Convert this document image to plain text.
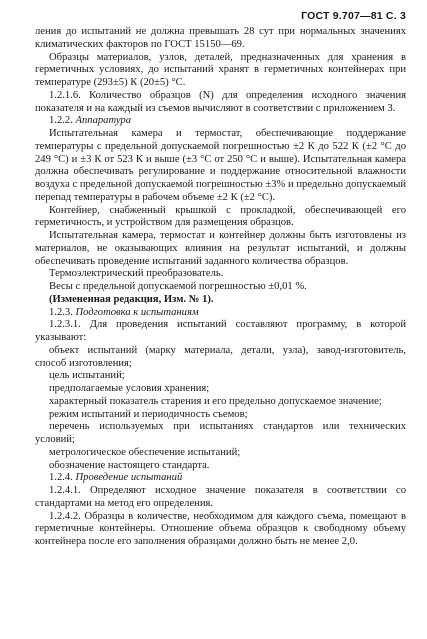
ГОСТ 9.707—81 С. 3

ления до испытаний не должна превышать 28 сут при нормальных значениях климатических факторов по ГОСТ 15150—69.

Образцы материалов, узлов, деталей, предназначенных для хранения в герметичных условиях, до испытаний хранят в герметичных контейнерах при температуре (293±5) К (20±5) °С.

1.2.1.6. Количество образцов (N) для определения исходного значения показателя и на каждый из съемов вычисляют в соответствии с приложением 3.

1.2.2. Аппаратура

Испытательная камера и термостат, обеспечивающие поддержание температуры с предельной допускаемой погрешностью ±2 К до 522 К (±2 °С до 249 °С) и ±3 К от 523 К и выше (±3 °С от 250 °С и выше). Испытательная камера должна обеспечивать регулирование и поддержание относительной влажности воздуха с предельной допускаемой погрешностью ±3% и предельно допускаемый перепад температуры в рабочем объеме ±2 К (±2 °С).

Контейнер, снабженный крышкой с прокладкой, обеспечивающей его герметичность, и устройством для размещения образцов.

Испытательная камера, термостат и контейнер должны быть изготовлены из материалов, не оказывающих влияния на результат испытаний, и должны обеспечивать проведение испытаний заданного количества образцов.

Термоэлектрический преобразователь.

Весы с предельной допускаемой погрешностью ±0,01 %.

(Измененная редакция, Изм. № 1).

1.2.3. Подготовка к испытаниям

1.2.3.1. Для проведения испытаний составляют программу, в которой указывают:

объект испытаний (марку материала, детали, узла), завод-изготовитель, способ изготовления;

цель испытаний;

предполагаемые условия хранения;

характерный показатель старения и его предельно допускаемое значение;

режим испытаний и периодичность съемов;

перечень используемых при испытаниях стандартов или технических условий;

метрологическое обеспечение испытаний;

обозначение настоящего стандарта.

1.2.4. Проведение испытаний

1.2.4.1. Определяют исходное значение показателя в соответствии со стандартами на метод его определения.

1.2.4.2. Образцы в количестве, необходимом для каждого съема, помещают в герметичные контейнеры. Отношение объема образцов к свободному объему контейнера после его заполнения образцами должно быть не менее 2,0.
